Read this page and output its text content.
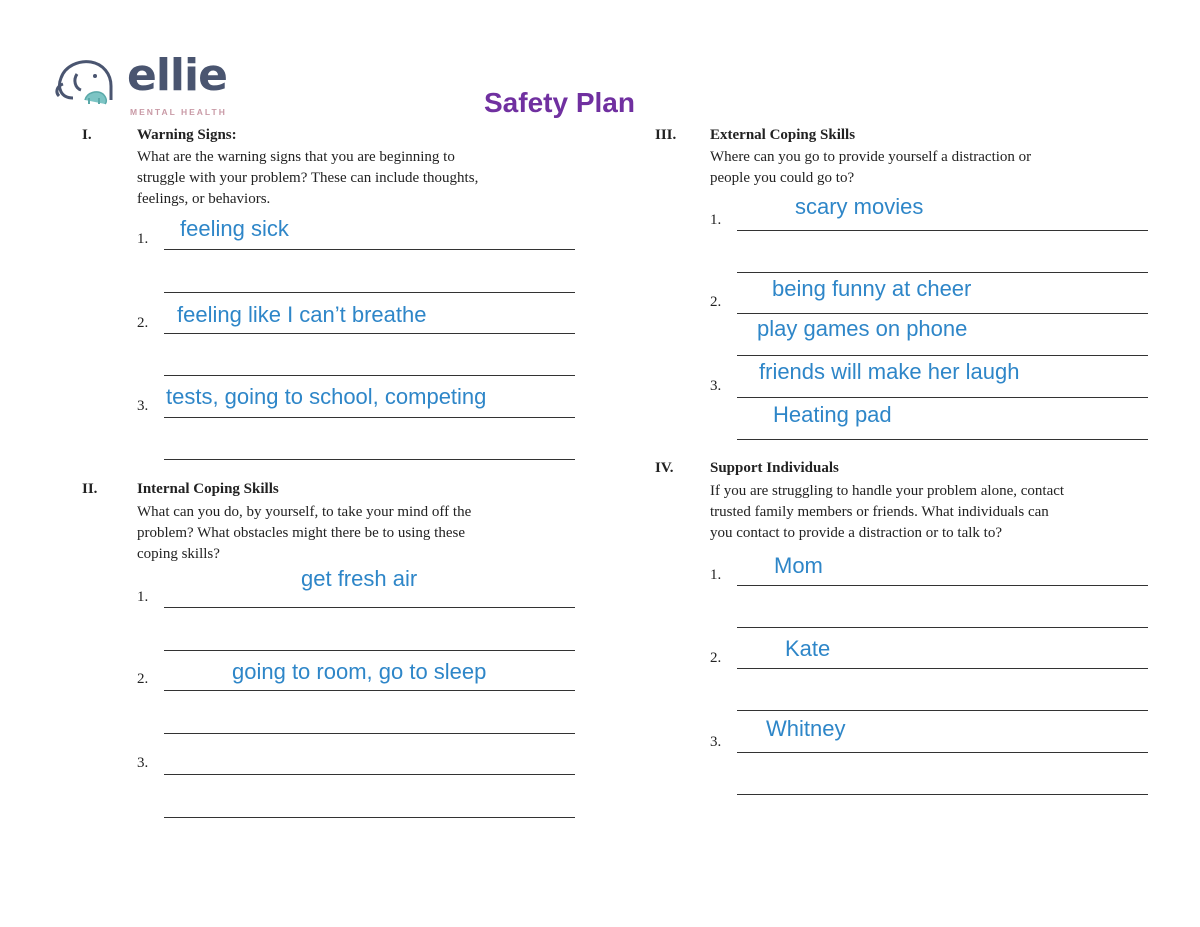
ellie
MENTAL HEALTH	Safety Plan
I.	Warning Signs:
What are the warning signs that you are beginning to
struggle with your problem? These can include thoughts,
feelings, or behaviors.
1. feeling sick
2. feeling like I can’t breathe
3. tests, going to school, competing
II.	Internal Coping Skills
What can you do, by yourself, to take your mind off the
problem? What obstacles might there be to using these
coping skills?
1.
get fresh air
2.	going to room, go to sleep
3.
III. External Coping Skills
Where can you go to provide yourself a distraction or
people you could go to?
1.
scary movies
2.
being funny at cheer
play games on phone
3.
friends will make her laugh
Heating pad
IV. Support Individuals
If you are struggling to handle your problem alone, contact
trusted family members or friends. What individuals can
you contact to provide a distraction or to talk to?
1. Mom
2.	Kate
3.
Whitney
